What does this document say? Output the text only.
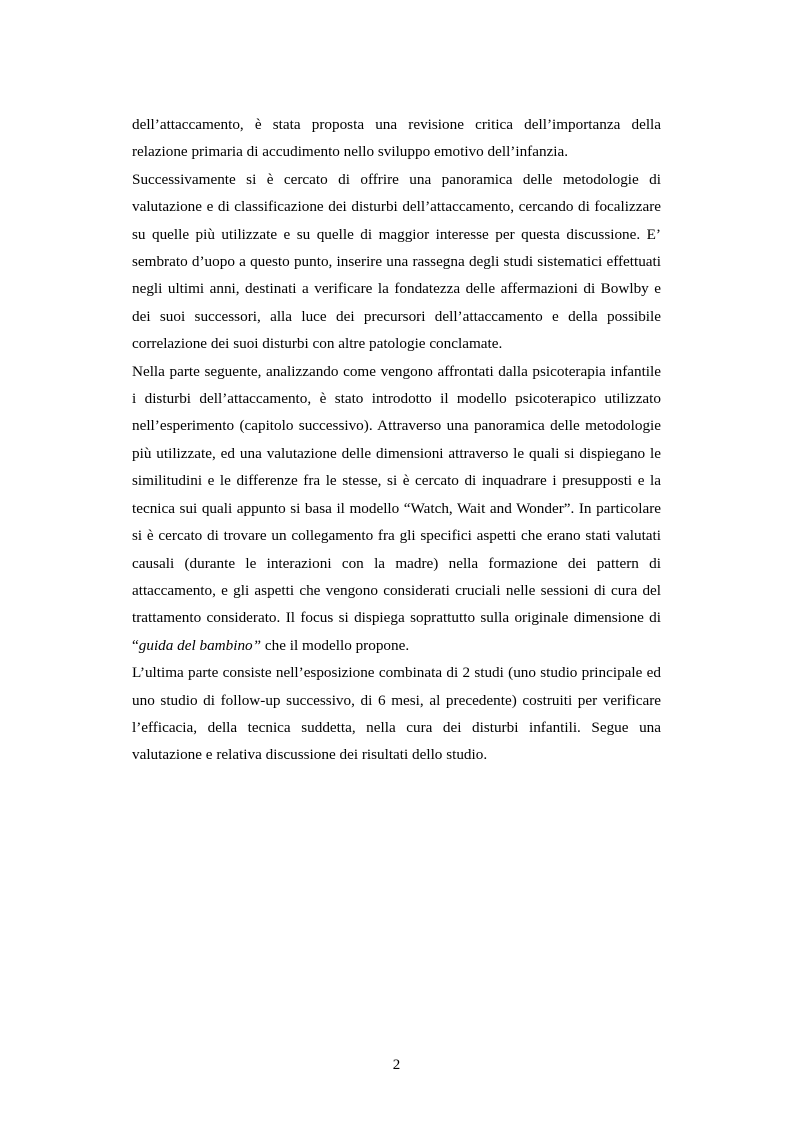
dell’attaccamento, è stata proposta una revisione critica dell’importanza della relazione primaria di accudimento nello sviluppo emotivo dell’infanzia.

Successivamente si è cercato di offrire una panoramica delle metodologie di valutazione e di classificazione dei disturbi dell’attaccamento, cercando di focalizzare su quelle più utilizzate e su quelle di maggior interesse per questa discussione. E’ sembrato d’uopo a questo punto, inserire una rassegna degli studi sistematici effettuati negli ultimi anni, destinati a verificare la fondatezza delle affermazioni di Bowlby e dei suoi successori, alla luce dei precursori dell’attaccamento e della possibile correlazione dei suoi disturbi con altre patologie conclamate.

Nella parte seguente, analizzando come vengono affrontati dalla psicoterapia infantile i disturbi dell’attaccamento, è stato introdotto il modello psicoterapico utilizzato nell’esperimento (capitolo successivo). Attraverso una panoramica delle metodologie più utilizzate, ed una valutazione delle dimensioni attraverso le quali si dispiegano le similitudini e le differenze fra le stesse, si è cercato di inquadrare i presupposti e la tecnica sui quali appunto si basa il modello “Watch, Wait and Wonder”. In particolare si è cercato di trovare un collegamento fra gli specifici aspetti che erano stati valutati causali (durante le interazioni con la madre) nella formazione dei pattern di attaccamento, e gli aspetti che vengono considerati cruciali nelle sessioni di cura del trattamento considerato. Il focus si dispiega soprattutto sulla originale dimensione di “guida del bambino” che il modello propone.

L’ultima parte consiste nell’esposizione combinata di 2 studi (uno studio principale ed uno studio di follow-up successivo, di 6 mesi, al precedente) costruiti per verificare l’efficacia, della tecnica suddetta, nella cura dei disturbi infantili. Segue una valutazione e relativa discussione dei risultati dello studio.

2
